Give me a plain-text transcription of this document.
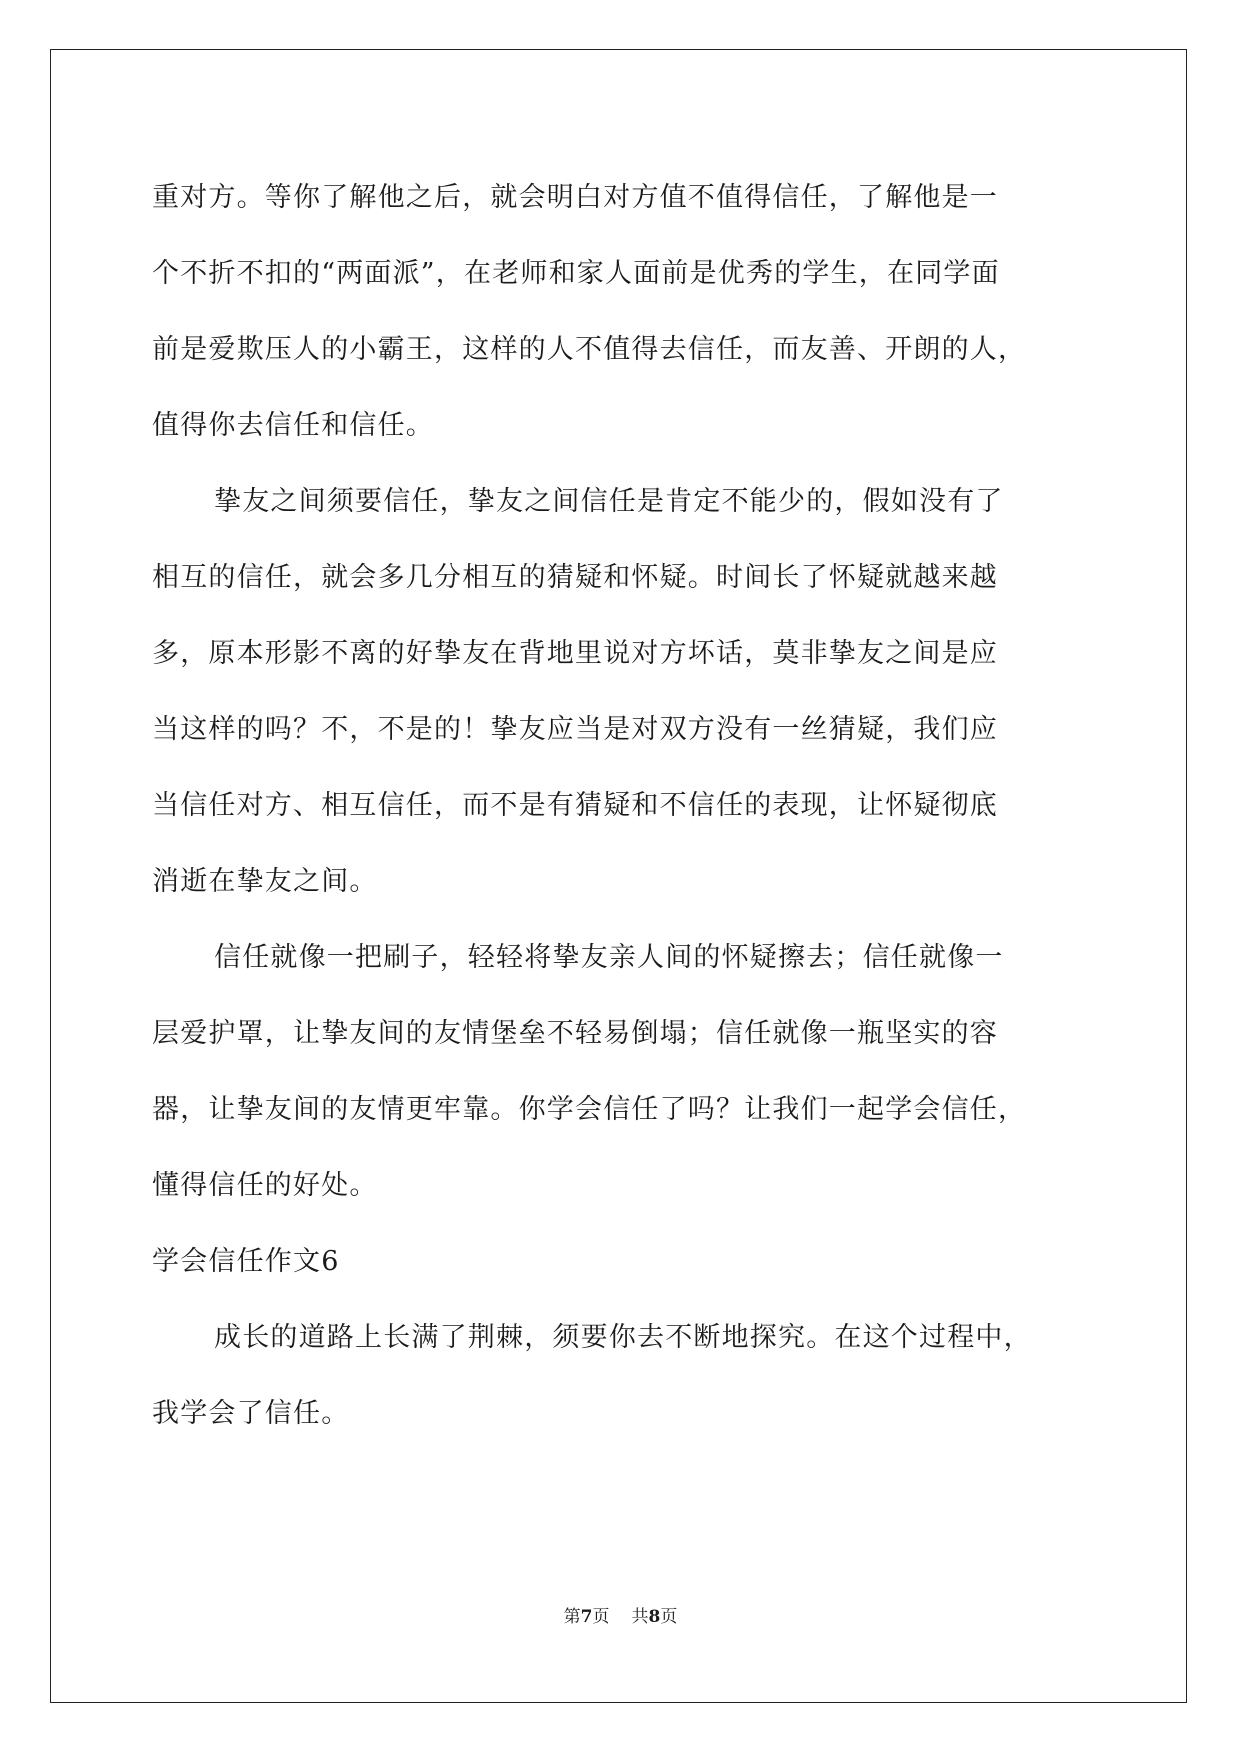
重对方。等你了解他之后，就会明白对方值不值得信任，了解他是一
个不折不扣的“两面派”，在老师和家人面前是优秀的学生，在同学面
前是爱欺压人的小霸王，这样的人不值得去信任，而友善、开朗的人，
值得你去信任和信任。
挚友之间须要信任，挚友之间信任是肯定不能少的，假如没有了
相互的信任，就会多几分相互的猜疑和怀疑。时间长了怀疑就越来越
多，原本形影不离的好挚友在背地里说对方坏话，莫非挚友之间是应
当这样的吗？不，不是的！挚友应当是对双方没有一丝猜疑，我们应
当信任对方、相互信任，而不是有猜疑和不信任的表现，让怀疑彻底
消逝在挚友之间。
信任就像一把刷子，轻轻将挚友亲人间的怀疑擦去；信任就像一
层爱护罩，让挚友间的友情堡垒不轻易倒塌；信任就像一瓶坚实的容
器，让挚友间的友情更牢靠。你学会信任了吗？让我们一起学会信任，
懂得信任的好处。
学会信任作文6
成长的道路上长满了荆棘，须要你去不断地探究。在这个过程中，
我学会了信任。
第7页 共8页
